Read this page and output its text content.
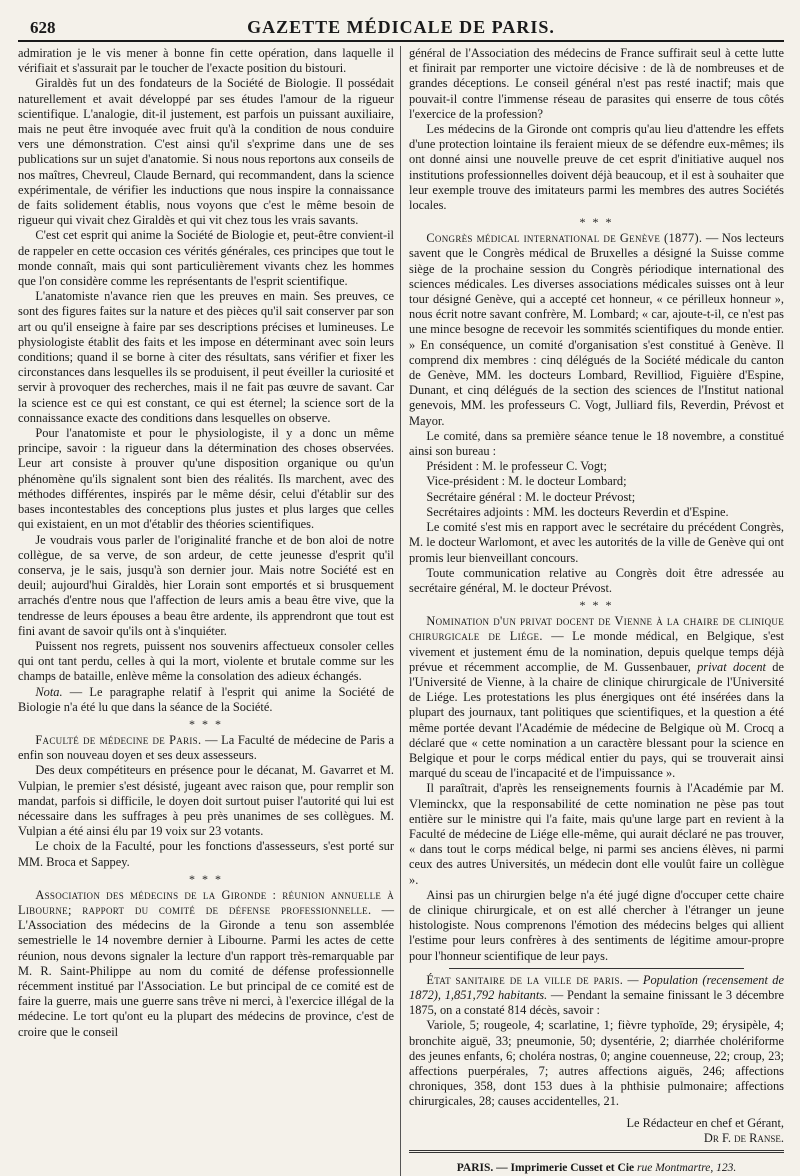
628	GAZETTE MÉDICALE DE PARIS.

admiration je le vis mener à bonne fin cette opération, dans laquelle il vérifiait et s'assurait par le toucher de l'exacte position du bistouri.

Giraldès fut un des fondateurs de la Société de Biologie. Il possédait naturellement et avait développé par ses études l'amour de la rigueur scientifique. L'analogie, dit-il justement, est parfois un puissant auxiliaire, mais ne peut être invoquée avec fruit qu'à la condition de nous conduire vers une démonstration. C'est ainsi qu'il s'exprime dans une de ses publications sur un sujet d'anatomie. Si nous nous reportons aux conseils de nos maîtres, Chevreul, Claude Bernard, qui recommandent, dans la science expérimentale, de vérifier les inductions que nous inspire la connaissance de faits solidement établis, nous voyons que c'est le même besoin de rigueur qui vivait chez Giraldès et qui vit chez tous les vrais savants.

C'est cet esprit qui anime la Société de Biologie et, peut-être convient-il de rappeler en cette occasion ces vérités générales, ces principes que tout le monde connaît, mais qui sont particulièrement vivants chez les hommes que l'on considère comme les représentants de l'esprit scientifique.

L'anatomiste n'avance rien que les preuves en main. Ses preuves, ce sont des figures faites sur la nature et des pièces qu'il sait conserver par son art ou qu'il enseigne à faire par ses descriptions précises et lumineuses. Le physiologiste établit des faits et les impose en déterminant avec soin leurs conditions; quand il se borne à citer des résultats, sans vérifier et fixer les circonstances dans lesquelles ils se produisent, il peut éveiller la curiosité et servir à provoquer des recherches, mais il ne fait pas œuvre de savant. Car la science est ce qui est constant, ce qui est éternel; la science sort de la connaissance exacte des conditions dans lesquelles on observe.

Pour l'anatomiste et pour le physiologiste, il y a donc un même principe, savoir : la rigueur dans la détermination des choses observées. Leur art consiste à prouver qu'une disposition organique ou qu'un phénomène qu'ils signalent sont bien des réalités. Ils marchent, avec des méthodes différentes, inspirés par le même désir, celui d'établir sur des bases incontestables des conceptions plus justes et plus larges que celles qui existaient, en un mot d'établir des théories scientifiques.

Je voudrais vous parler de l'originalité franche et de bon aloi de notre collègue, de sa verve, de son ardeur, de cette jeunesse d'esprit qu'il conserva, je le sais, jusqu'à son dernier jour. Mais notre Société est en deuil; aujourd'hui Giraldès, hier Lorain sont emportés et si brusquement arrachés d'entre nous que l'affection de leurs amis a beau être vive, que la tendresse de leurs épouses a beau être ardente, ils apprendront que tout est fini avant de savoir qu'ils ont à s'inquiéter.

Puissent nos regrets, puissent nos souvenirs affectueux consoler celles qui ont tant perdu, celles à qui la mort, violente et brutale comme sur les champs de bataille, enlève même la consolation des adieux échangés.

Nota. — Le paragraphe relatif à l'esprit qui anime la Société de Biologie n'a été lu que dans la séance de la Société.

* * *

Faculté de médecine de Paris. — La Faculté de médecine de Paris a enfin son nouveau doyen et ses deux assesseurs.

Des deux compétiteurs en présence pour le décanat, M. Gavarret et M. Vulpian, le premier s'est désisté, jugeant avec raison que, pour remplir son mandat, parfois si difficile, le doyen doit surtout puiser l'autorité qui lui est nécessaire dans les suffrages à peu près unanimes de ses collègues. M. Vulpian a été ainsi élu par 19 voix sur 23 votants.

Le choix de la Faculté, pour les fonctions d'assesseurs, s'est porté sur MM. Broca et Sappey.

* * *

Association des médecins de la Gironde : réunion annuelle à Libourne; rapport du comité de défense professionnelle. — L'Association des médecins de la Gironde a tenu son assemblée semestrielle le 14 novembre dernier à Libourne. Parmi les actes de cette réunion, nous devons signaler la lecture d'un rapport très-remarquable par M. R. Saint-Philippe au nom du comité de défense professionnelle récemment institué par l'Association. Le but principal de ce comité est de faire la guerre, mais une guerre sans trêve ni merci, à l'exercice illégal de la médecine. Le tort qu'ont eu la plupart des médecins de province, c'est de croire que le conseil

général de l'Association des médecins de France suffirait seul à cette lutte et finirait par remporter une victoire décisive : de là de nombreuses et de grandes déceptions. Le conseil général n'est pas resté inactif; mais que pouvait-il contre l'immense réseau de parasites qui enserre de tous côtés l'exercice de la profession?

Les médecins de la Gironde ont compris qu'au lieu d'attendre les effets d'une protection lointaine ils feraient mieux de se défendre eux-mêmes; ils ont donné ainsi une nouvelle preuve de cet esprit d'initiative auquel nos institutions professionnelles doivent déjà beaucoup, et il est à souhaiter que leur exemple trouve des imitateurs parmi les membres des autres Sociétés locales.

* * *

Congrès médical international de Genève (1877). — Nos lecteurs savent que le Congrès médical de Bruxelles a désigné la Suisse comme siège de la prochaine session du Congrès périodique international des sciences médicales. Les diverses associations médicales suisses ont à leur tour désigné Genève, qui a accepté cet honneur, « ce périlleux honneur », nous écrit notre savant confrère, M. Lombard; « car, ajoute-t-il, ce n'est pas une mince besogne de recevoir les sommités scientifiques du monde entier. » En conséquence, un comité d'organisation s'est constitué à Genève. Il comprend dix membres : cinq délégués de la Société médicale du canton de Genève, MM. les docteurs Lombard, Revilliod, Figuière d'Espine, Dunant, et cinq délégués de la section des sciences de l'Institut national genevois, MM. les professeurs C. Vogt, Julliard fils, Reverdin, Prévost et Mayor.

Le comité, dans sa première séance tenue le 18 novembre, a constitué ainsi son bureau :

Président : M. le professeur C. Vogt;

Vice-président : M. le docteur Lombard;

Secrétaire général : M. le docteur Prévost;

Secrétaires adjoints : MM. les docteurs Reverdin et d'Espine.

Le comité s'est mis en rapport avec le secrétaire du précédent Congrès, M. le docteur Warlomont, et avec les autorités de la ville de Genève qui ont promis leur bienveillant concours.

Toute communication relative au Congrès doit être adressée au secrétaire général, M. le docteur Prévost.

* * *

Nomination d'un privat docent de Vienne à la chaire de clinique chirurgicale de Liége. — Le monde médical, en Belgique, s'est vivement et justement ému de la nomination, depuis quelque temps déjà prévue et récemment accomplie, de M. Gussenbauer, privat docent de l'Université de Vienne, à la chaire de clinique chirurgicale de l'Université de Liége. Les protestations les plus énergiques ont été insérées dans la plupart des journaux, tant politiques que scientifiques, et la question a été même portée devant l'Académie de médecine de Belgique où M. Crocq a déclaré que « cette nomination a un caractère blessant pour la science en Belgique et pour le corps médical entier du pays, qui se trouverait ainsi marqué du sceau de l'incapacité et de l'impuissance ».

Il paraîtrait, d'après les renseignements fournis à l'Académie par M. Vleminckx, que la responsabilité de cette nomination ne pèse pas tout entière sur le ministre qui l'a faite, mais qu'une large part en revient à la Faculté de médecine de Liége elle-même, qui aurait déclaré ne pas trouver, « dans tout le corps médical belge, ni parmi ses anciens élèves, ni parmi ceux des autres Universités, un médecin dont elle voulût faire un collègue ».

Ainsi pas un chirurgien belge n'a été jugé digne d'occuper cette chaire de clinique chirurgicale, et on est allé chercher à l'étranger un jeune histologiste. Nous comprenons l'émotion des médecins belges qui allient l'estime pour leurs confrères à des sentiments de légitime amour-propre pour l'honneur scientifique de leur pays.

État sanitaire de la ville de paris. — Population (recensement de 1872), 1,851,792 habitants. — Pendant la semaine finissant le 3 décembre 1875, on a constaté 814 décès, savoir :

Variole, 5; rougeole, 4; scarlatine, 1; fièvre typhoïde, 29; érysipèle, 4; bronchite aiguë, 33; pneumonie, 50; dysentérie, 2; diarrhée cholériforme des jeunes enfants, 6; choléra nostras, 0; angine couenneuse, 22; croup, 23; affections puerpérales, 7; autres affections aiguës, 246; affections chroniques, 358, dont 153 dues à la phthisie pulmonaire; affections chirurgicales, 28; causes accidentelles, 21.

Le Rédacteur en chef et Gérant,
Dr F. de Ranse.
PARIS. — Imprimerie Cusset et Cie rue Montmartre, 123.
